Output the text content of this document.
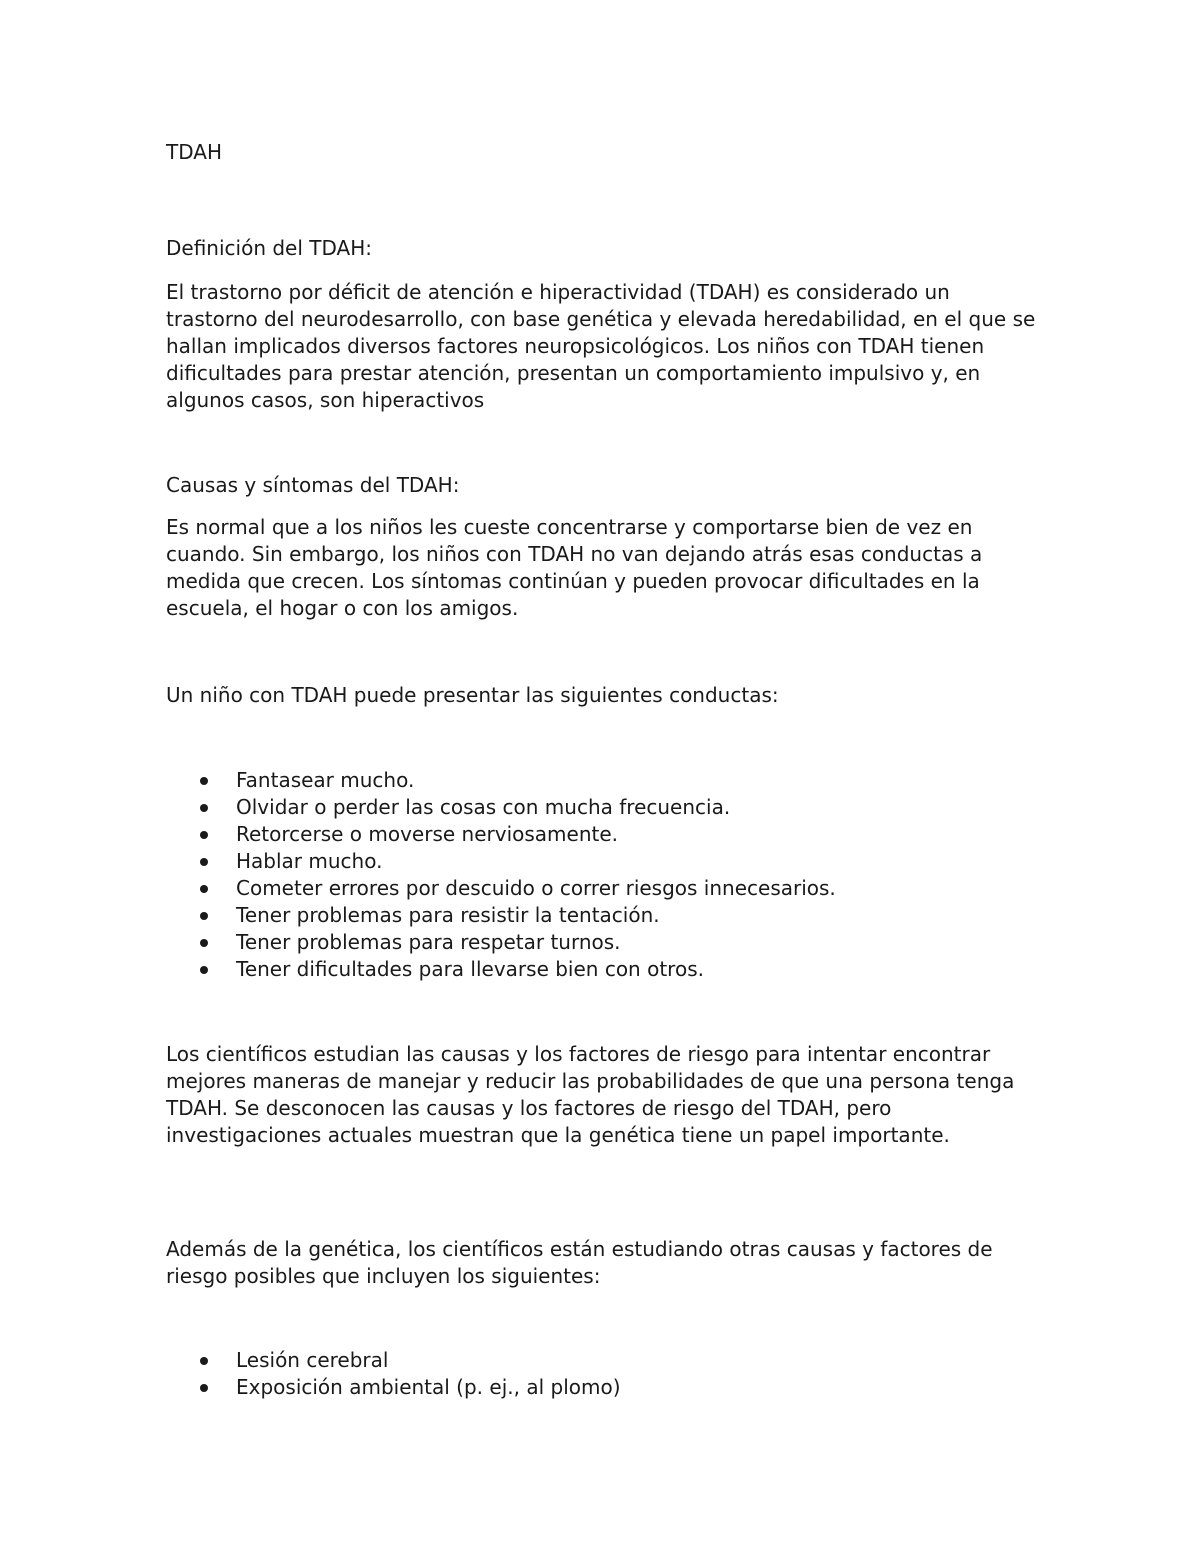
TDAH

Definición del TDAH:

El trastorno por déficit de atención e hiperactividad (TDAH) es considerado un trastorno del neurodesarrollo, con base genética y elevada heredabilidad, en el que se hallan implicados diversos factores neuropsicológicos. Los niños con TDAH tienen dificultades para prestar atención, presentan un comportamiento impulsivo y, en algunos casos, son hiperactivos

Causas y síntomas del TDAH:

Es normal que a los niños les cueste concentrarse y comportarse bien de vez en cuando. Sin embargo, los niños con TDAH no van dejando atrás esas conductas a medida que crecen. Los síntomas continúan y pueden provocar dificultades en la escuela, el hogar o con los amigos.

Un niño con TDAH puede presentar las siguientes conductas:

Fantasear mucho.
Olvidar o perder las cosas con mucha frecuencia.
Retorcerse o moverse nerviosamente.
Hablar mucho.
Cometer errores por descuido o correr riesgos innecesarios.
Tener problemas para resistir la tentación.
Tener problemas para respetar turnos.
Tener dificultades para llevarse bien con otros.

Los científicos estudian las causas y los factores de riesgo para intentar encontrar mejores maneras de manejar y reducir las probabilidades de que una persona tenga TDAH. Se desconocen las causas y los factores de riesgo del TDAH, pero investigaciones actuales muestran que la genética tiene un papel importante.

Además de la genética, los científicos están estudiando otras causas y factores de riesgo posibles que incluyen los siguientes:

Lesión cerebral
Exposición ambiental (p. ej., al plomo)
